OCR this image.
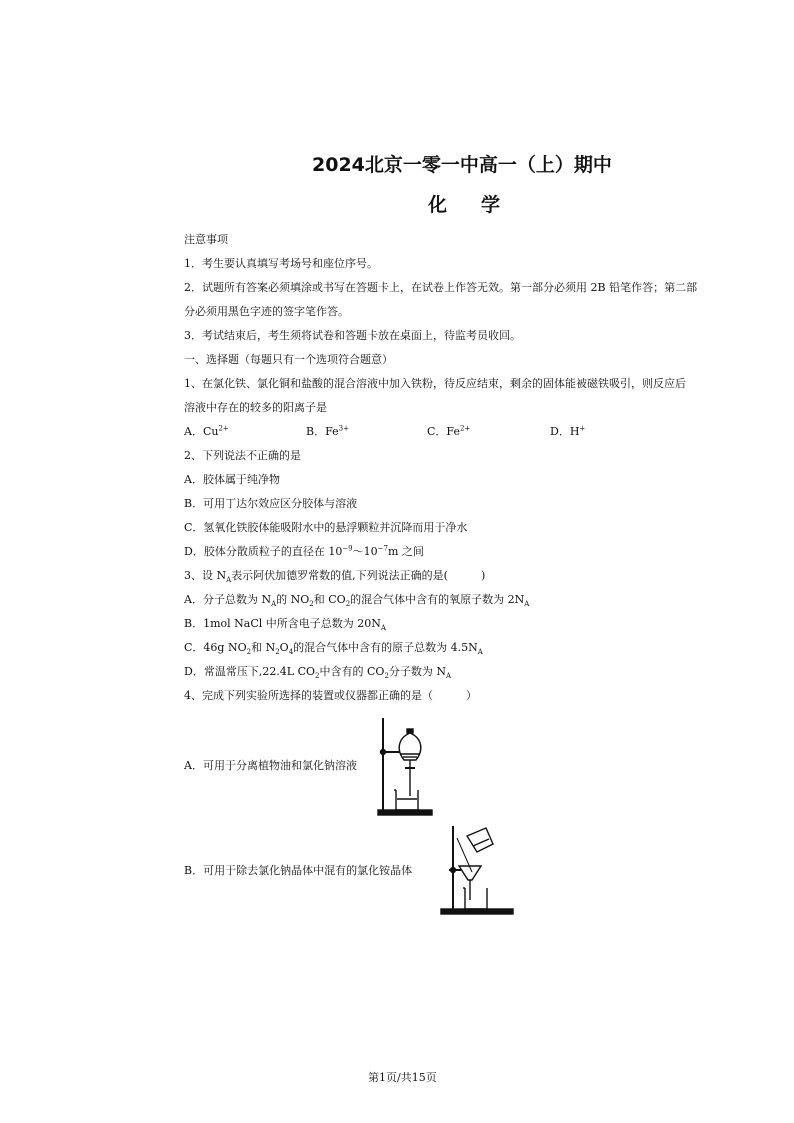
2024北京一零一中高一（上）期中
化学
注意事项
1．考生要认真填写考场号和座位序号。
2．试题所有答案必须填涂或书写在答题卡上，在试卷上作答无效。第一部分必须用 2B 铅笔作答；第二部
分必须用黑色字迹的签字笔作答。
3．考试结束后，考生须将试卷和答题卡放在桌面上，待监考员收回。
一、选择题（每题只有一个选项符合题意）
1、在氯化铁、氯化铜和盐酸的混合溶液中加入铁粉，待反应结束，剩余的固体能被磁铁吸引，则反应后
溶液中存在的较多的阳离子是
A．$Cu^{2+}$	B．$Fe^{3+}$	C．$Fe^{2+}$	D．H+
2、下列说法不正确的是
A．胶体属于纯净物
B．可用丁达尔效应区分胶体与溶液
C．氢氧化铁胶体能吸附水中的悬浮颗粒并沉降而用于净水
D．胶体分散质粒子的直径在 $10^{-9}\sim 10^{-7}m$ 之间
3、设 $N_A$表示阿伏加德罗常数的值,下列说法正确的是(　　　)
A．分子总数为 $N_A$的 $NO_2$和 $CO_2$的混合气体中含有的氧原子数为 $2N_A$
B．1mol NaCl 中所含电子总数为 $20N_A$
C．46g $NO_2$和 $N_2O_4$的混合气体中含有的原子总数为 $4.5N_A$
D．常温常压下,22.4L $CO_2$中含有的 $CO_2$分子数为 $N_A$
4、完成下列实验所选择的装置或仪器都正确的是（　　　）
A．可用于分离植物油和氯化钠溶液
B．可用于除去氯化钠晶体中混有的氯化铵晶体
第1页/共15页
